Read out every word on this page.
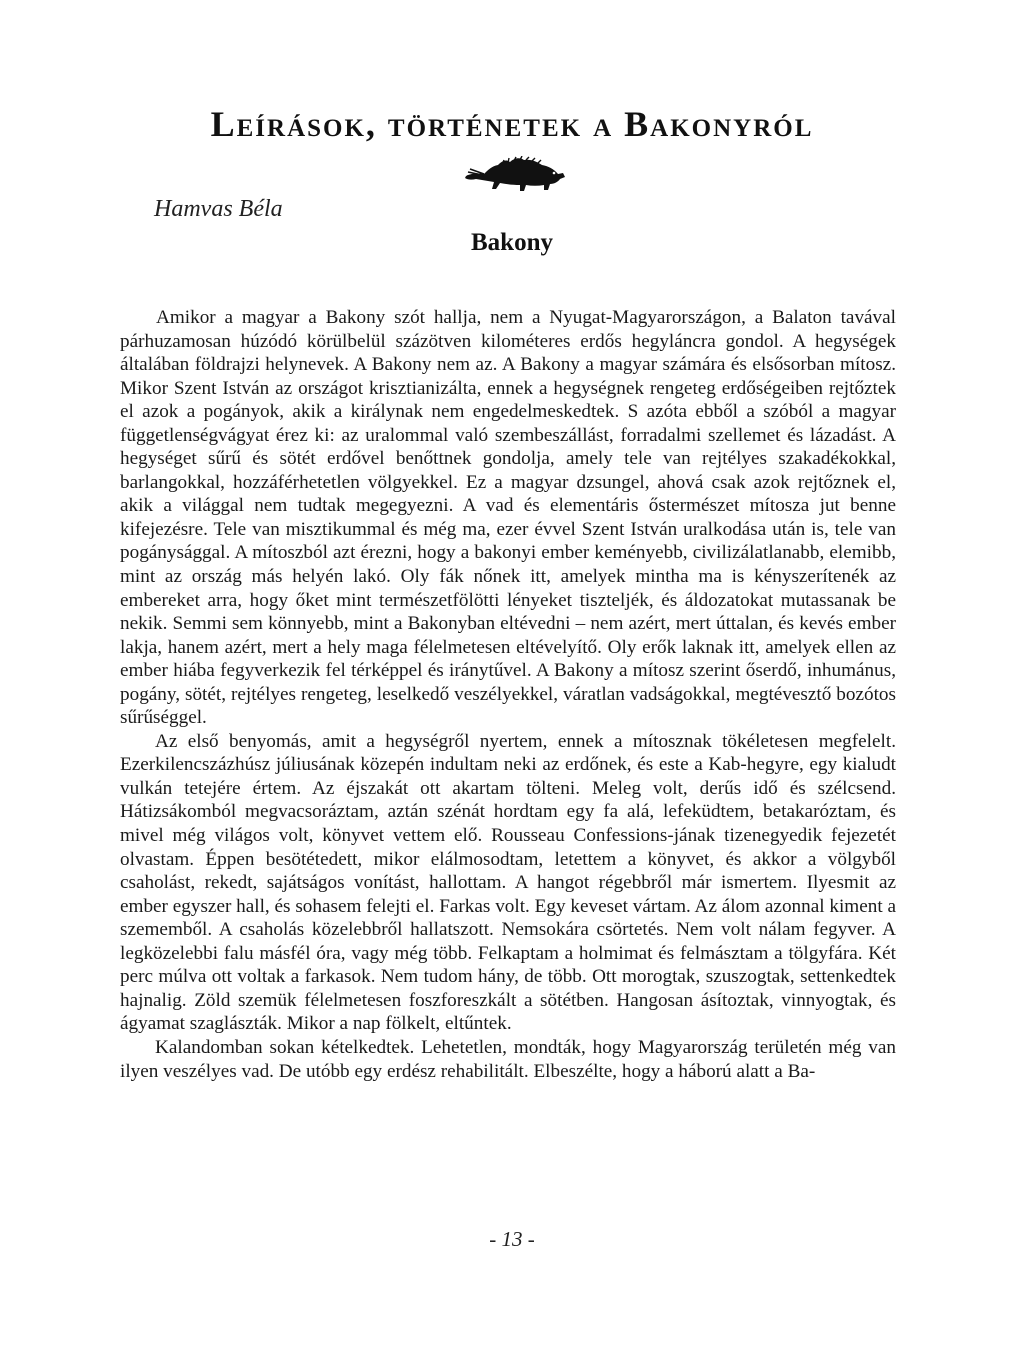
Leírások, történetek a Bakonyról

Hamvas Béla

Bakony

Amikor a magyar a Bakony szót hallja, nem a Nyugat-Magyarországon, a Balaton tavával párhuzamosan húzódó körülbelül százötven kilométeres erdős hegyláncra gondol. A hegységek általában földrajzi helynevek. A Bakony nem az. A Bakony a magyar számára és elsősorban mítosz. Mikor Szent István az országot krisztianizálta, ennek a hegységnek rengeteg erdőségeiben rejtőztek el azok a pogányok, akik a királynak nem engedelmeskedtek. S azóta ebből a szóból a magyar függetlenségvágyat érez ki: az uralommal való szembeszállást, forradalmi szellemet és lázadást. A hegységet sűrű és sötét erdővel benőttnek gondolja, amely tele van rejtélyes szakadékokkal, barlangokkal, hozzáférhetetlen völgyekkel. Ez a magyar dzsungel, ahová csak azok rejtőznek el, akik a világgal nem tudtak megegyezni. A vad és elementáris őstermészet mítosza jut benne kifejezésre. Tele van misztikummal és még ma, ezer évvel Szent István uralkodása után is, tele van pogánysággal. A mítoszból azt érezni, hogy a bakonyi ember keményebb, civilizálatlanabb, elemibb, mint az ország más helyén lakó. Oly fák nőnek itt, amelyek mintha ma is kényszerítenék az embereket arra, hogy őket mint természetfölötti lényeket tiszteljék, és áldozatokat mutassanak be nekik. Semmi sem könnyebb, mint a Bakonyban eltévedni – nem azért, mert úttalan, és kevés ember lakja, hanem azért, mert a hely maga félelmetesen eltévelyítő. Oly erők laknak itt, amelyek ellen az ember hiába fegyverkezik fel térképpel és iránytűvel. A Bakony a mítosz szerint őserdő, inhumánus, pogány, sötét, rejtélyes rengeteg, leselkedő veszélyekkel, váratlan vadságokkal, megtévesztő bozótos sűrűséggel.

Az első benyomás, amit a hegységről nyertem, ennek a mítosznak tökéletesen megfelelt. Ezerkilencszázhúsz júliusának közepén indultam neki az erdőnek, és este a Kab-hegyre, egy kialudt vulkán tetejére értem. Az éjszakát ott akartam tölteni. Meleg volt, derűs idő és szélcsend. Hátizsákomból megvacsoráztam, aztán szénát hordtam egy fa alá, lefeküdtem, betakaróztam, és mivel még világos volt, könyvet vettem elő. Rousseau Confessions-jának tizenegyedik fejezetét olvastam. Éppen besötétedett, mikor elálmosodtam, letettem a könyvet, és akkor a völgyből csaholást, rekedt, sajátságos vonítást, hallottam. A hangot régebbről már ismertem. Ilyesmit az ember egyszer hall, és sohasem felejti el. Farkas volt. Egy keveset vártam. Az álom azonnal kiment a szememből. A csaholás közelebbről hallatszott. Nemsokára csörtetés. Nem volt nálam fegyver. A legközelebbi falu másfél óra, vagy még több. Felkaptam a holmimat és felmásztam a tölgyfára. Két perc múlva ott voltak a farkasok. Nem tudom hány, de több. Ott morogtak, szuszogtak, settenkedtek hajnalig. Zöld szemük félelmetesen foszforeszkált a sötétben. Hangosan ásítoztak, vinnyogtak, és ágyamat szaglászták. Mikor a nap fölkelt, eltűntek.

Kalandomban sokan kételkedtek. Lehetetlen, mondták, hogy Magyarország területén még van ilyen veszélyes vad. De utóbb egy erdész rehabilitált. Elbeszélte, hogy a háború alatt a Ba-

- 13 -
